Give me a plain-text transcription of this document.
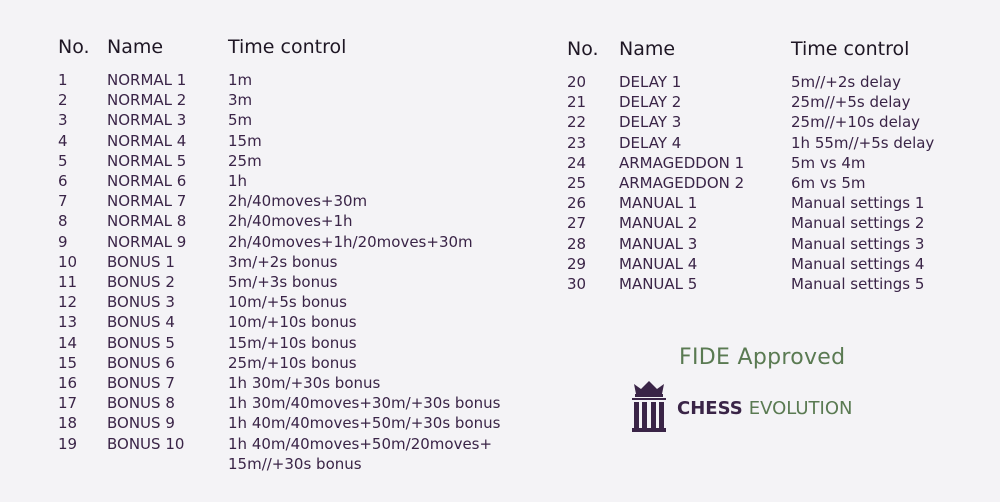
No. Name	Time control
1	NORMAL 1	1m
2	NORMAL 2	3m
3	NORMAL 3	5m
4	NORMAL 4	15m
5	NORMAL 5	25m
6	NORMAL 6	1h
7	NORMAL 7	2h/40moves+30m
8	NORMAL 8	2h/40moves+1h
9	NORMAL 9	2h/40moves+1h/20moves+30m
10	BONUS 1	3m/+2s bonus
11	BONUS 2	5m/+3s bonus
12	BONUS 3	10m/+5s bonus
13	BONUS 4	10m/+10s bonus
14	BONUS 5	15m/+10s bonus
15	BONUS 6	25m/+10s bonus
16	BONUS 7	1h 30m/+30s bonus
17	BONUS 8	1h 30m/40moves+30m/+30s bonus
18	BONUS 9	1h 40m/40moves+50m/+30s bonus
19	BONUS 10	1h 40m/40moves+50m/20moves+
15m//+30s bonus
No.	Name	Time control
20	DELAY 1	5m//+2s delay
21	DELAY 2	25m//+5s delay
22	DELAY 3	25m//+10s delay
23	DELAY 4	1h 55m//+5s delay
24	ARMAGEDDON 1	5m vs 4m
25	ARMAGEDDON 2	6m vs 5m
26	MANUAL 1	Manual settings 1
27	MANUAL 2	Manual settings 2
28	MANUAL 3	Manual settings 3
29	MANUAL 4	Manual settings 4
30	MANUAL 5	Manual settings 5
FIDE Approved
CHESS EVOLUTION
